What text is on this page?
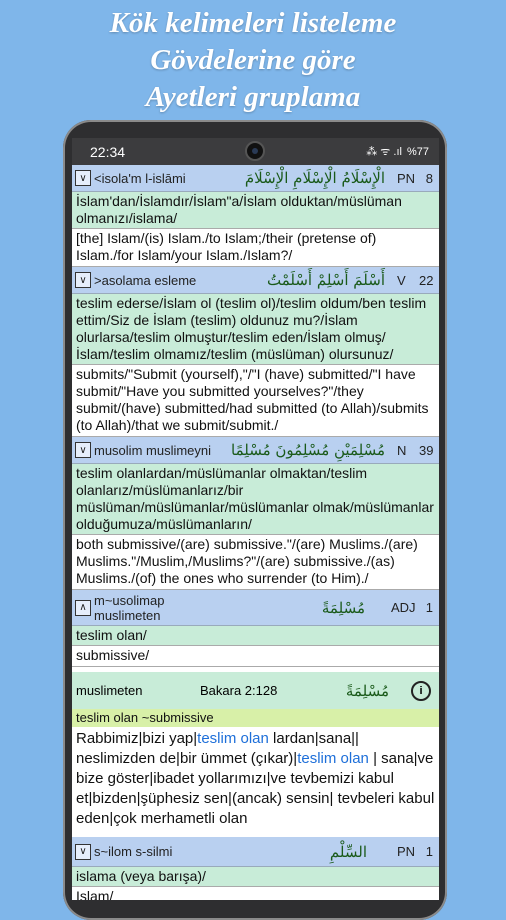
Kök kelimeleri listeleme
Gövdelerine göre
Ayetleri gruplama
22:34	⁂ ᯤ .ıl %77
∨ <isola'm l-islāmi	الْإِسْلَامُ الْإِسْلَامِ الْإِسْلَامَ PN 8
İslam'dan/İslamdır/İslam"a/İslam olduktan/müslüman olmanızı/islama/
[the] Islam/(is) Islam./to Islam;/their (pretense of) Islam./for Islam/your Islam./Islam?/
∨ >asolama esleme	أَسْلَمَ أَسْلِمْ أَسْلَمْتُ V	22
teslim ederse/İslam ol (teslim ol)/teslim oldum/ben teslim ettim/Siz de İslam (teslim) oldunuz mu?/İslam olurlarsa/teslim olmuştur/teslim eden/İslam olmuş/İslam/teslim olmamız/teslim (müslüman) olursunuz/
submits/"Submit (yourself),"/"I (have) submitted/"I have submit/"Have you submitted yourselves?"/they submit/(have) submitted/had submitted (to Allah)/submits (to Allah)/that we submit/submit./
∨ musolim muslimeyni	مُسْلِمَيْنِ مُسْلِمُونَ مُسْلِمًا N 39
teslim olanlardan/müslümanlar olmaktan/teslim olanlarız/müslümanlarız/bir müslüman/müslümanlar/müslümanlar olmak/müslümanlar olduğumuza/müslümanların/
both submissive/(are) submissive."/(are) Muslims./(are) Muslims."/Muslim,/Muslims?"/(are) submissive./(as) Muslims./(of) the ones who surrender (to Him)./
∧ m~usolimap muslimeten	مُسْلِمَةً ADJ 1
teslim olan/
submissive/
muslimeten	Bakara 2:128	مُسْلِمَةً	i
teslim olan ~submissive
Rabbimiz|bizi yap|teslim olan lardan|sana|| neslimizden de|bir ümmet (çıkar)|teslim olan | sana|ve bize göster|ibadet yollarımızı|ve tevbemizi kabul et|bizden|şüphesiz sen|(ancak) sensin| tevbeleri kabul eden|çok merhametli olan
∨ s~ilom s-silmi	السِّلْمِ PN 1
islama (veya barışa)/
Islam/
